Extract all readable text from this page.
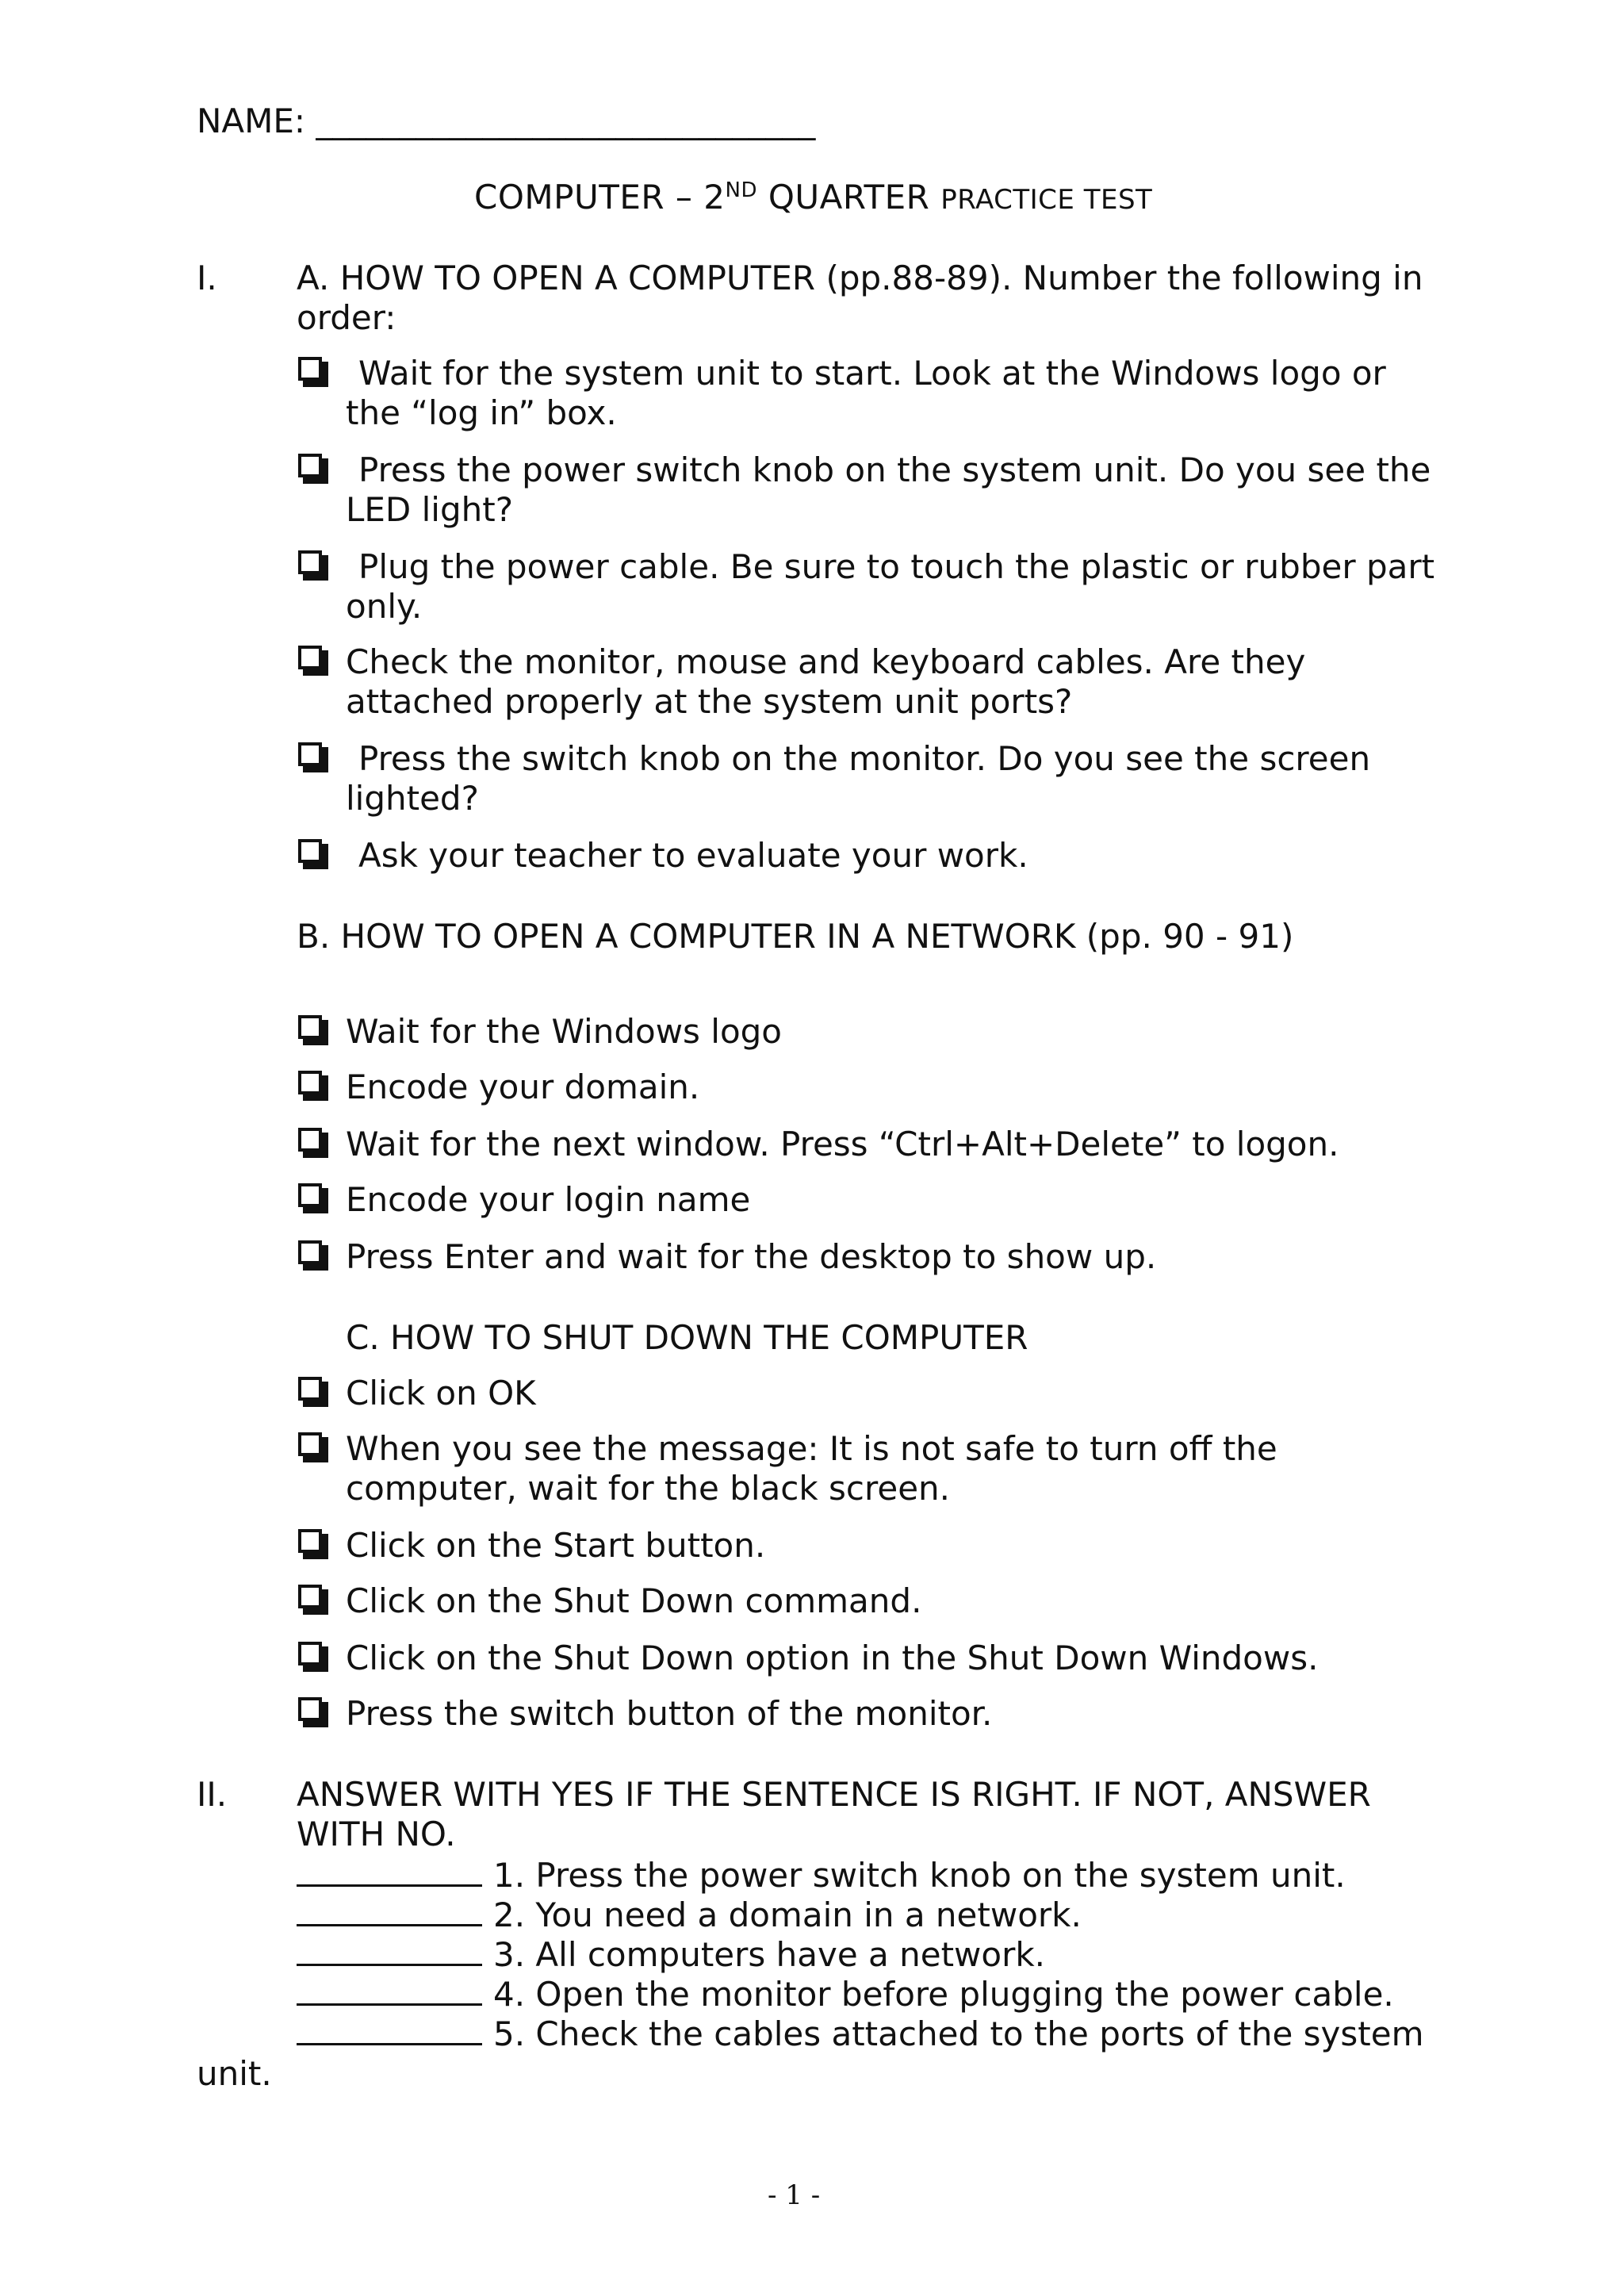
NAME: ______________________________
COMPUTER – 2ND QUARTER PRACTICE TEST
I. A. HOW TO OPEN A COMPUTER (pp.88-89). Number the following in order:
Wait for the system unit to start. Look at the Windows logo or the “log in” box.
Press the power switch knob on the system unit. Do you see the LED light?
Plug the power cable. Be sure to touch the plastic or rubber part only.
Check the monitor, mouse and keyboard cables. Are they attached properly at the system unit ports?
Press the switch knob on the monitor. Do you see the screen lighted?
Ask your teacher to evaluate your work.
B. HOW TO OPEN A COMPUTER IN A NETWORK (pp. 90 - 91)
Wait for the Windows logo
Encode your domain.
Wait for the next window. Press “Ctrl+Alt+Delete” to logon.
Encode your login name
Press Enter and wait for the desktop to show up.
C. HOW TO SHUT DOWN THE COMPUTER
Click on OK
When you see the message: It is not safe to turn off the computer, wait for the black screen.
Click on the Start button.
Click on the Shut Down command.
Click on the Shut Down option in the Shut Down Windows.
Press the switch button of the monitor.
II. ANSWER WITH YES IF THE SENTENCE IS RIGHT. IF NOT, ANSWER WITH NO.
1. Press the power switch knob on the system unit.
2. You need a domain in a network.
3. All computers have a network.
4. Open the monitor before plugging the power cable.
5. Check the cables attached to the ports of the system
unit.
- 1 -
